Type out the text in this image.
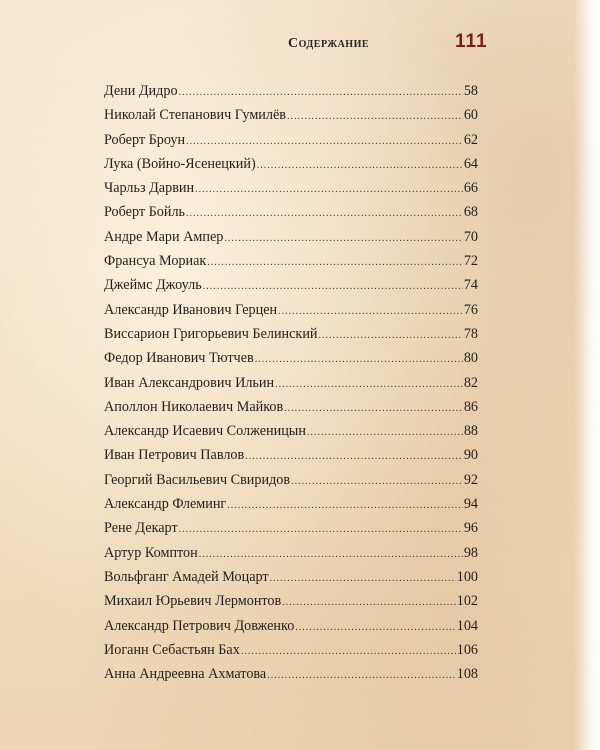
Содержание	111
Дени Дидро .....	58
Николай Степанович Гумилёв .....	60
Роберт Броун .....	62
Лука (Войно-Ясенецкий) .....	64
Чарльз Дарвин .....	66
Роберт Бойль .....	68
Андре Мари Ампер .....	70
Франсуа Мориак .....	72
Джеймс Джоуль .....	74
Александр Иванович Герцен .....	76
Виссарион Григорьевич Белинский .....	78
Федор Иванович Тютчев .....	80
Иван Александрович Ильин .....	82
Аполлон Николаевич Майков .....	86
Александр Исаевич Солженицын .....	88
Иван Петрович Павлов .....	90
Георгий Васильевич Свиридов .....	92
Александр Флеминг .....	94
Рене Декарт .....	96
Артур Комптон .....	98
Вольфганг Амадей Моцарт .....	100
Михаил Юрьевич Лермонтов .....	102
Александр Петрович Довженко .....	104
Иоганн Себастьян Бах .....	106
Анна Андреевна Ахматова .....	108
